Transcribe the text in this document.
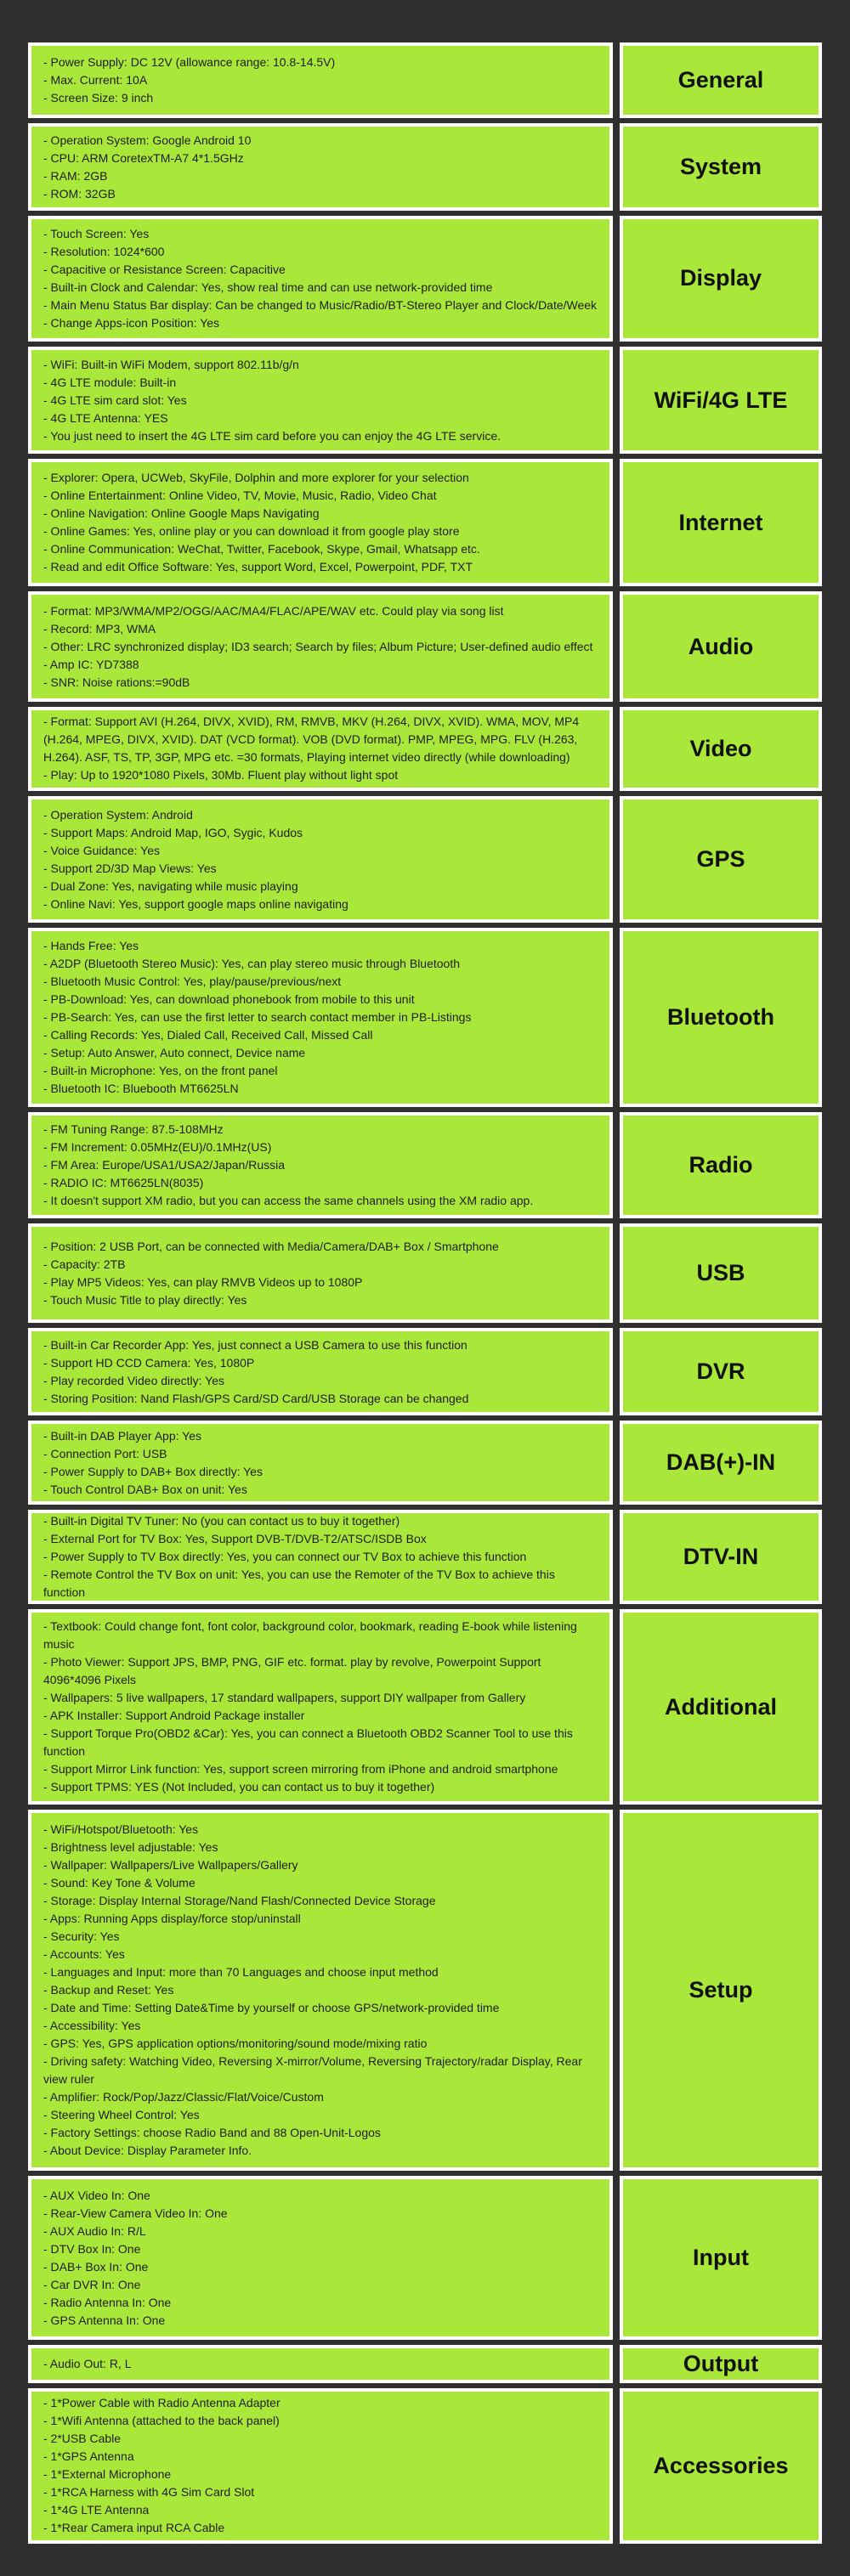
- Power Supply: DC 12V (allowance range: 10.8-14.5V)
- Max. Current: 10A
- Screen Size: 9 inch
General
- Operation System: Google Android 10
- CPU: ARM CoretexTM-A7 4*1.5GHz
- RAM: 2GB
- ROM: 32GB
System
- Touch Screen: Yes
- Resolution: 1024*600
- Capacitive or Resistance Screen: Capacitive
- Built-in Clock and Calendar: Yes, show real time and can use network-provided time
- Main Menu Status Bar display: Can be changed to Music/Radio/BT-Stereo Player and Clock/Date/Week
- Change Apps-icon Position: Yes
Display
- WiFi: Built-in WiFi Modem, support 802.11b/g/n
- 4G LTE module: Built-in
- 4G LTE sim card slot: Yes
- 4G LTE Antenna: YES
- You just need to insert the 4G LTE sim card before you can enjoy the 4G LTE service.
WiFi/4G LTE
- Explorer: Opera, UCWeb, SkyFile, Dolphin and more explorer for your selection
- Online Entertainment: Online Video, TV, Movie, Music, Radio, Video Chat
- Online Navigation: Online Google Maps Navigating
- Online Games: Yes, online play or you can download it from google play store
- Online Communication: WeChat, Twitter, Facebook, Skype, Gmail, Whatsapp etc.
- Read and edit Office Software: Yes, support Word, Excel, Powerpoint, PDF, TXT
Internet
- Format: MP3/WMA/MP2/OGG/AAC/MA4/FLAC/APE/WAV etc. Could play via song list
- Record: MP3, WMA
- Other: LRC synchronized display; ID3 search; Search by files; Album Picture; User-defined audio effect
- Amp IC: YD7388
- SNR: Noise rations:=90dB
Audio
- Format: Support AVI (H.264, DIVX, XVID), RM, RMVB, MKV (H.264, DIVX, XVID). WMA, MOV, MP4 (H.264, MPEG, DIVX, XVID). DAT (VCD format). VOB (DVD format). PMP, MPEG, MPG. FLV (H.263, H.264). ASF, TS, TP, 3GP, MPG etc. =30 formats, Playing internet video directly (while downloading)
- Play: Up to 1920*1080 Pixels, 30Mb. Fluent play without light spot
Video
- Operation System: Android
- Support Maps: Android Map, IGO, Sygic, Kudos
- Voice Guidance: Yes
- Support 2D/3D Map Views: Yes
- Dual Zone: Yes, navigating while music playing
- Online Navi: Yes, support google maps online navigating
GPS
- Hands Free: Yes
- A2DP (Bluetooth Stereo Music): Yes, can play stereo music through Bluetooth
- Bluetooth Music Control: Yes, play/pause/previous/next
- PB-Download: Yes, can download phonebook from mobile to this unit
- PB-Search: Yes, can use the first letter to search contact member in PB-Listings
- Calling Records: Yes, Dialed Call, Received Call, Missed Call
- Setup: Auto Answer, Auto connect, Device name
- Built-in Microphone: Yes, on the front panel
- Bluetooth IC: Bluebooth MT6625LN
Bluetooth
- FM Tuning Range: 87.5-108MHz
- FM Increment: 0.05MHz(EU)/0.1MHz(US)
- FM Area: Europe/USA1/USA2/Japan/Russia
- RADIO IC: MT6625LN(8035)
- It doesn't support XM radio, but you can access the same channels using the XM radio app.
Radio
- Position: 2 USB Port, can be connected with Media/Camera/DAB+ Box / Smartphone
- Capacity: 2TB
- Play MP5 Videos: Yes, can play RMVB Videos up to 1080P
- Touch Music Title to play directly: Yes
USB
- Built-in Car Recorder App: Yes, just connect a USB Camera to use this function
- Support HD CCD Camera: Yes, 1080P
- Play recorded Video directly: Yes
- Storing Position: Nand Flash/GPS Card/SD Card/USB Storage can be changed
DVR
- Built-in DAB Player App: Yes
- Connection Port: USB
- Power Supply to DAB+ Box directly: Yes
- Touch Control DAB+ Box on unit: Yes
DAB(+)-IN
- Built-in Digital TV Tuner: No (you can contact us to buy it together)
- External Port for TV Box: Yes, Support DVB-T/DVB-T2/ATSC/ISDB Box
- Power Supply to TV Box directly: Yes, you can connect our TV Box to achieve this function
- Remote Control the TV Box on unit: Yes, you can use the Remoter of the TV Box to achieve this function
DTV-IN
- Textbook: Could change font, font color, background color, bookmark, reading E-book while listening music
- Photo Viewer: Support JPS, BMP, PNG, GIF etc. format. play by revolve, Powerpoint Support 4096*4096 Pixels
- Wallpapers: 5 live wallpapers, 17 standard wallpapers, support DIY wallpaper from Gallery
- APK Installer: Support Android Package installer
- Support Torque Pro(OBD2 &Car): Yes, you can connect a Bluetooth OBD2 Scanner Tool to use this function
- Support Mirror Link function: Yes, support screen mirroring from iPhone and android smartphone
- Support TPMS: YES (Not Included, you can contact us to buy it together)
Additional
- WiFi/Hotspot/Bluetooth: Yes
- Brightness level adjustable: Yes
- Wallpaper: Wallpapers/Live Wallpapers/Gallery
- Sound: Key Tone & Volume
- Storage: Display Internal Storage/Nand Flash/Connected Device Storage
- Apps: Running Apps display/force stop/uninstall
- Security: Yes
- Accounts: Yes
- Languages and Input: more than 70 Languages and choose input method
- Backup and Reset: Yes
- Date and Time: Setting Date&Time by yourself or choose GPS/network-provided time
- Accessibility: Yes
- GPS: Yes, GPS application options/monitoring/sound mode/mixing ratio
- Driving safety: Watching Video, Reversing X-mirror/Volume, Reversing Trajectory/radar Display, Rear view ruler
- Amplifier: Rock/Pop/Jazz/Classic/Flat/Voice/Custom
- Steering Wheel Control: Yes
- Factory Settings: choose Radio Band and 88 Open-Unit-Logos
- About Device: Display Parameter Info.
Setup
- AUX Video In: One
- Rear-View Camera Video In: One
- AUX Audio In: R/L
- DTV Box In: One
- DAB+ Box In: One
- Car DVR In: One
- Radio Antenna In: One
- GPS Antenna In: One
Input
- Audio Out: R, L	Output
- 1*Power Cable with Radio Antenna Adapter
- 1*Wifi Antenna (attached to the back panel)
- 2*USB Cable
- 1*GPS Antenna
- 1*External Microphone
- 1*RCA Harness with 4G Sim Card Slot
- 1*4G LTE Antenna
- 1*Rear Camera input RCA Cable
Accessories
